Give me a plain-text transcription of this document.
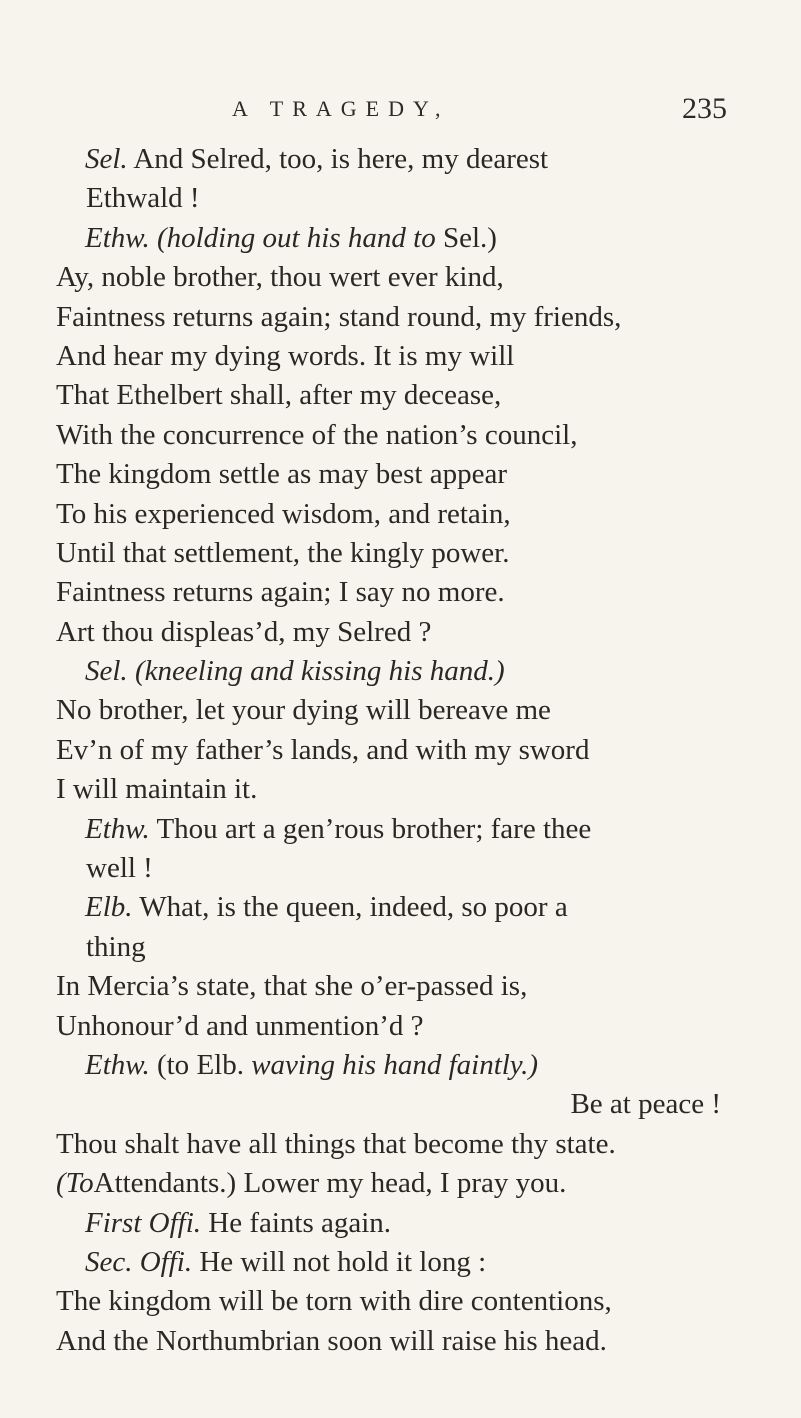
A TRAGEDY,	235
Sel. And Selred, too, is here, my dearest
Ethwald !
Ethw. (holding out his hand to Sel.)
Ay, noble brother, thou wert ever kind,
Faintness returns again; stand round, my friends,
And hear my dying words. It is my will
That Ethelbert shall, after my decease,
With the concurrence of the nation’s council,
The kingdom settle as may best appear
To his experienced wisdom, and retain,
Until that settlement, the kingly power.
Faintness returns again; I say no more.
Art thou displeas’d, my Selred ?
Sel. (kneeling and kissing his hand.)
No brother, let your dying will bereave me
Ev’n of my father’s lands, and with my sword
I will maintain it.
Ethw. Thou art a gen’rous brother; fare thee
well !
Elb. What, is the queen, indeed, so poor a
thing
In Mercia’s state, that she o’er-passed is,
Unhonour’d and unmention’d ?
Ethw. (to Elb. waving his hand faintly.)
Be at peace !
Thou shalt have all things that become thy state.
(ToAttendants.) Lower my head, I pray you.
First Offi. He faints again.
Sec. Offi. He will not hold it long :
The kingdom will be torn with dire contentions,
And the Northumbrian soon will raise his head.
